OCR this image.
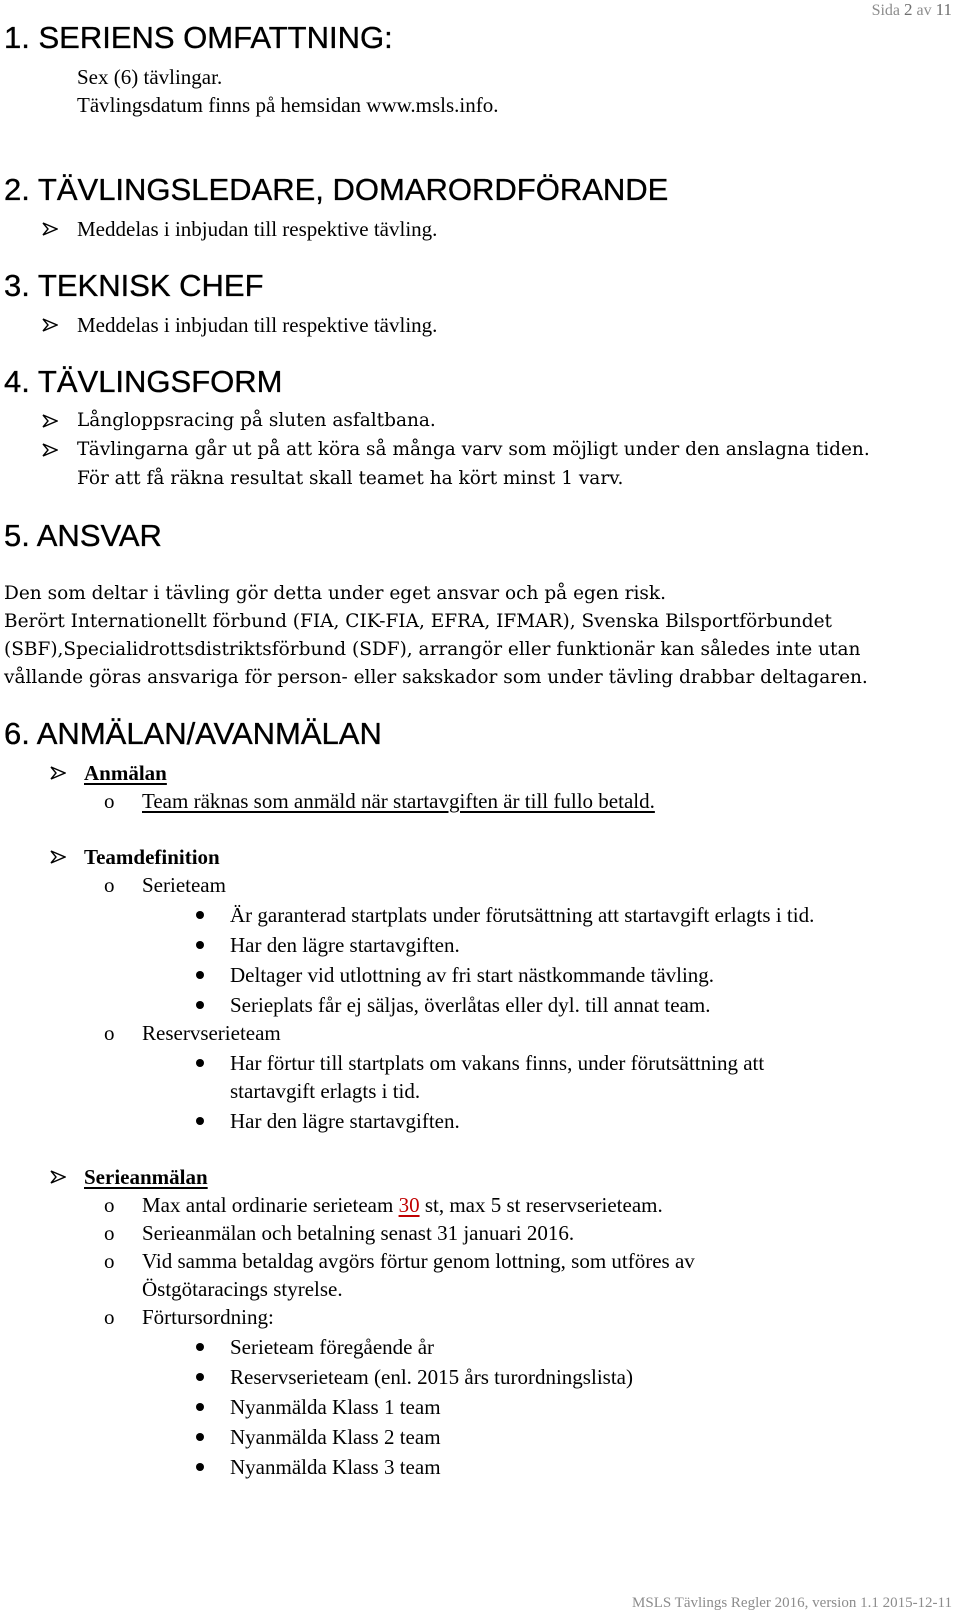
Sida 2 av 11
1. SERIENS OMFATTNING:
Sex (6) tävlingar.
Tävlingsdatum finns på hemsidan www.msls.info.
2. TÄVLINGSLEDARE, DOMARORDFÖRANDE
Meddelas i inbjudan till respektive tävling.
3. TEKNISK CHEF
Meddelas i inbjudan till respektive tävling.
4. TÄVLINGSFORM
Långloppsracing på sluten asfaltbana.
Tävlingarna går ut på att köra så många varv som möjligt under den anslagna tiden.
För att få räkna resultat skall teamet ha kört minst 1 varv.
5. ANSVAR
Den som deltar i tävling gör detta under eget ansvar och på egen risk.
Berört Internationellt förbund (FIA, CIK-FIA, EFRA, IFMAR), Svenska Bilsportförbundet
(SBF),Specialidrottsdistriktsförbund (SDF), arrangör eller funktionär kan således inte utan
vållande göras ansvariga för person- eller sakskador som under tävling drabbar deltagaren.
6. ANMÄLAN/AVANMÄLAN
Anmälan
o Team räknas som anmäld när startavgiften är till fullo betald.
Teamdefinition
o Serieteam
Är garanterad startplats under förutsättning att startavgift erlagts i tid.
Har den lägre startavgiften.
Deltager vid utlottning av fri start nästkommande tävling.
Serieplats får ej säljas, överlåtas eller dyl. till annat team.
o Reservserieteam
Har förtur till startplats om vakans finns, under förutsättning att
startavgift erlagts i tid.
Har den lägre startavgiften.
Serieanmälan
o Max antal ordinarie serieteam 30 st, max 5 st reservserieteam.
o Serieanmälan och betalning senast 31 januari 2016.
o Vid samma betaldag avgörs förtur genom lottning, som utföres av
Östgötaracings styrelse.
o Förtursordning:
Serieteam föregående år
Reservserieteam (enl. 2015 års turordningslista)
Nyanmälda Klass 1 team
Nyanmälda Klass 2 team
Nyanmälda Klass 3 team
MSLS Tävlings Regler 2016, version 1.1 2015-12-11
